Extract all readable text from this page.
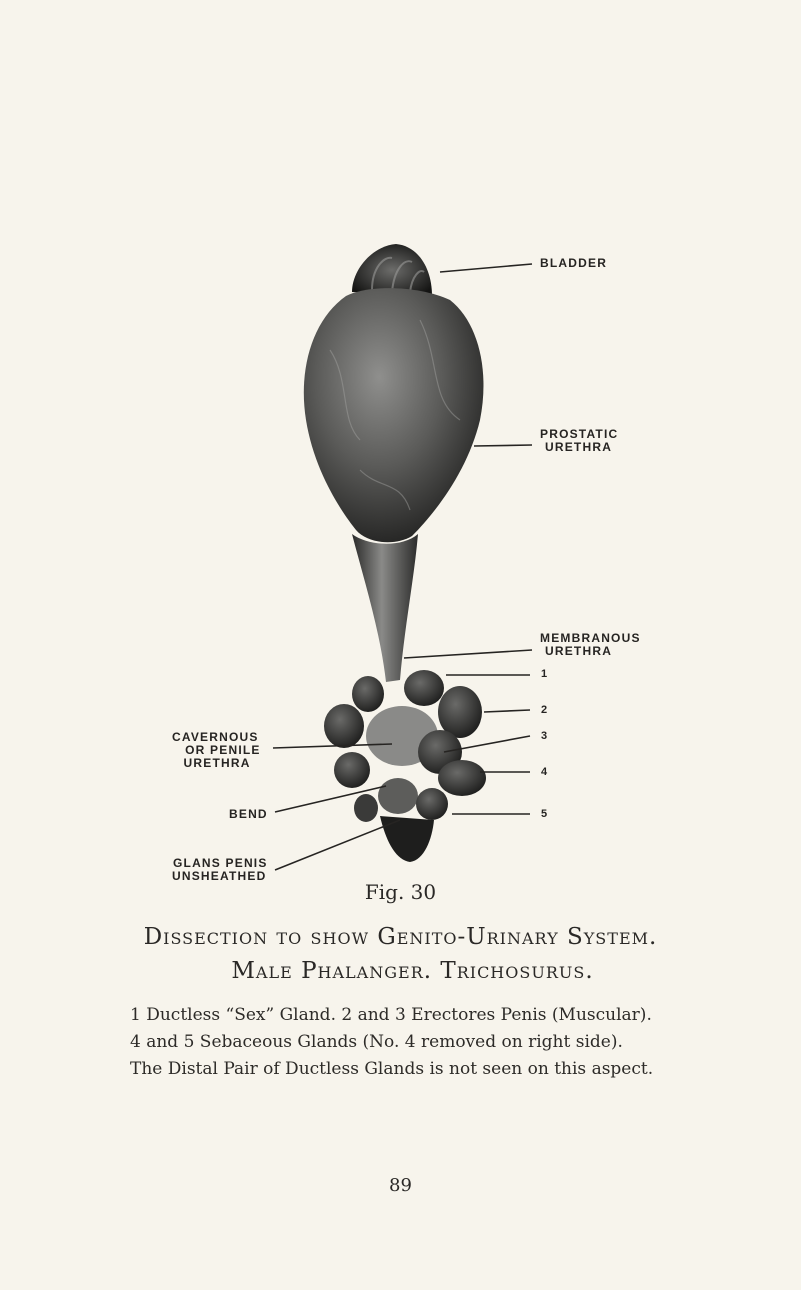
BLADDER
PROSTATIC
URETHRA
MEMBRANOUS
URETHRA
1
2
3
4
5
CAVERNOUS
OR PENILE
URETHRA
BEND
GLANS PENIS
UNSHEATHED
Fig. 30
Dissection to show Genito-Urinary System.
Male Phalanger. Trichosurus.
1 Ductless “Sex” Gland. 2 and 3 Erectores Penis (Muscular).
4 and 5 Sebaceous Glands (No. 4 removed on right side).
The Distal Pair of Ductless Glands is not seen on this aspect.
89
